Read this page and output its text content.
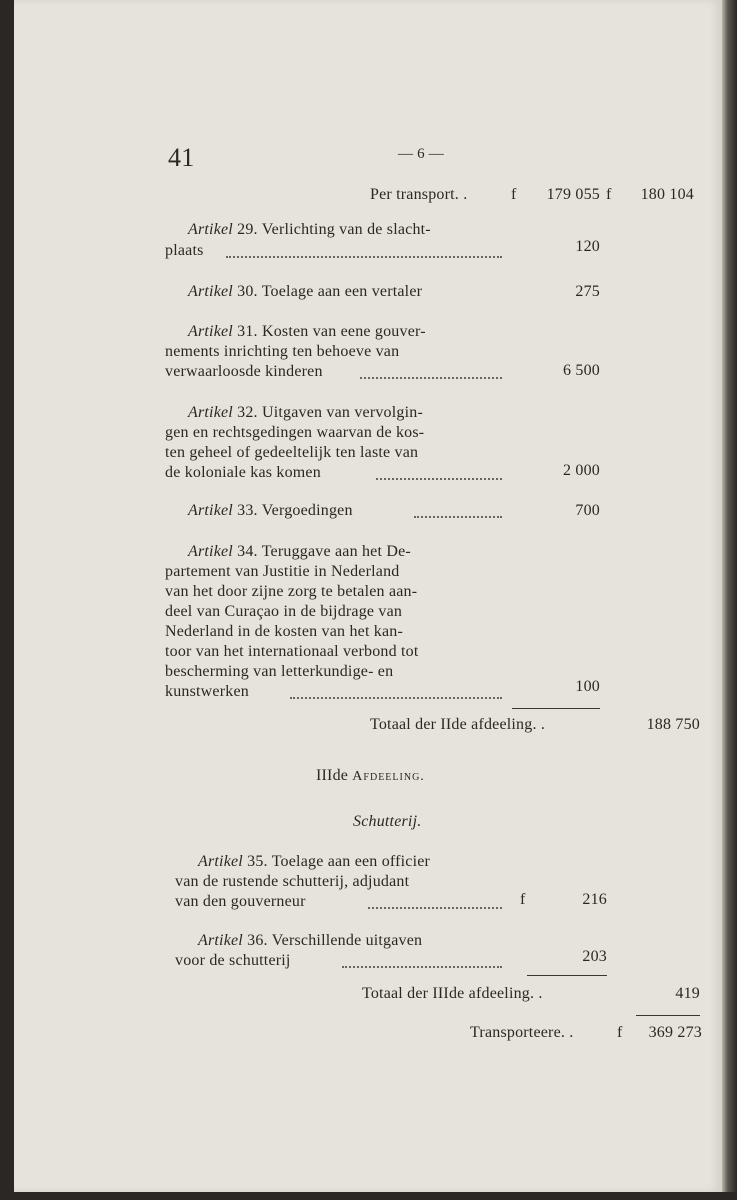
41	— 6 —
Per transport. .	f	179 055 f	180 104
Artikel 29. Verlichting van de slacht-
plaats	120
Artikel 30. Toelage aan een vertaler	275
Artikel 31. Kosten van eene gouver-
nements inrichting ten behoeve van
verwaarloosde kinderen	6 500
Artikel 32. Uitgaven van vervolgin-
gen en rechtsgedingen waarvan de kos-
ten geheel of gedeeltelijk ten laste van
de koloniale kas komen	2 000
Artikel 33. Vergoedingen	700
Artikel 34. Teruggave aan het De-
partement van Justitie in Nederland
van het door zijne zorg te betalen aan-
deel van Curaçao in de bijdrage van
Nederland in de kosten van het kan-
toor van het internationaal verbond tot
bescherming van letterkundige- en
kunstwerken	100
Totaal der IIde afdeeling. .	188 750
IIIde Afdeeling.
Schutterij.
Artikel 35. Toelage aan een officier
van de rustende schutterij, adjudant
van den gouverneur	f	216
Artikel 36. Verschillende uitgaven
voor de schutterij	203
Totaal der IIIde afdeeling. .	419
Transporteere. .	f	369 273
